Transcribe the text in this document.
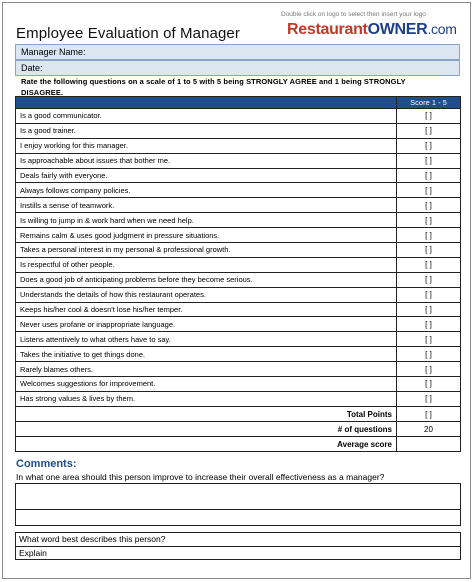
Double click on logo to select then insert your logo
Employee Evaluation of Manager	RestaurantOWNER.com
Manager Name:
Date:
Rate the following questions on a scale of 1 to 5 with 5 being STRONGLY AGREE and 1 being STRONGLY DISAGREE.
	Score 1 - 5
Is a good communicator.	[ ]
Is a good trainer.	[ ]
I enjoy working for this manager.	[ ]
Is approachable about issues that bother me.	[ ]
Deals fairly with everyone.	[ ]
Always follows company policies.	[ ]
Instills a sense of teamwork.	[ ]
Is willing to jump in & work hard when we need help.	[ ]
Remains calm & uses good judgment in pressure situations.	[ ]
Takes a personal interest in my personal & professional growth.	[ ]
Is respectful of other people.	[ ]
Does a good job of anticipating problems before they become serious.	[ ]
Understands the details of how this restaurant operates.	[ ]
Keeps his/her cool & doesn't lose his/her temper.	[ ]
Never uses profane or inappropriate language.	[ ]
Listens attentively to what others have to say.	[ ]
Takes the initiative to get things done.	[ ]
Rarely blames others.	[ ]
Welcomes suggestions for improvement.	[ ]
Has strong values & lives by them.	[ ]
Total Points	[ ]
# of questions	20
Average score	
Comments:
In what one area should this person improve to increase their overall effectiveness as a manager?
What word best describes this person?
Explain
